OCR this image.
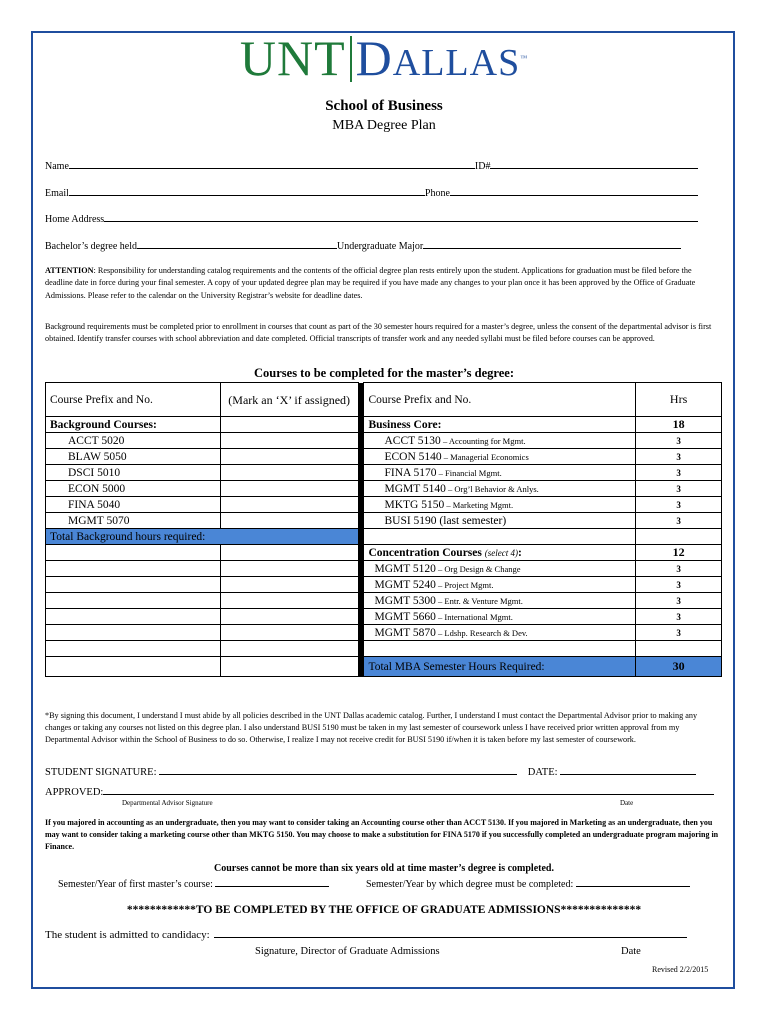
UNT DALLAS™
School of Business
MBA Degree Plan
Name	ID#
Email	Phone
Home Address
Bachelor’s degree held	Undergraduate Major
ATTENTION: Responsibility for understanding catalog requirements and the contents of the official degree plan rests entirely upon the student. Applications for graduation must be filed before the deadline date in force during your final semester. A copy of your updated degree plan may be required if you have made any changes to your plan once it has been approved by the Office of Graduate Admissions. Please refer to the calendar on the University Registrar’s website for deadline dates.
Background requirements must be completed prior to enrollment in courses that count as part of the 30 semester hours required for a master’s degree, unless the consent of the departmental advisor is first obtained. Identify transfer courses with school abbreviation and date completed. Official transcripts of transfer work and any needed syllabi must be filed before courses can be approved.
Courses to be completed for the master’s degree:
Course Prefix and No.	(Mark an ‘X’ if assigned)		Course Prefix and No.	Hrs
Background Courses:			Business Core:	18
ACCT 5020			ACCT 5130 – Accounting for Mgmt.	3
BLAW 5050			ECON 5140 – Managerial Economics	3
DSCI 5010			FINA 5170 – Financial Mgmt.	3
ECON 5000			MGMT 5140 – Org’l Behavior & Anlys.	3
FINA 5040			MKTG 5150 – Marketing Mgmt.	3
MGMT 5070			BUSI 5190 (last semester)	3
Total Background hours required:				
			Concentration Courses (select 4):	12
			MGMT 5120 – Org Design & Change	3
			MGMT 5240 – Project Mgmt.	3
			MGMT 5300 – Entr. & Venture Mgmt.	3
			MGMT 5660 – International Mgmt.	3
			MGMT 5870 – Ldshp. Research & Dev.	3

			Total MBA Semester Hours Required:	30
*By signing this document, I understand I must abide by all policies described in the UNT Dallas academic catalog. Further, I understand I must contact the Departmental Advisor prior to making any changes or taking any courses not listed on this degree plan. I also understand BUSI 5190 must be taken in my last semester of coursework unless I have received prior written approval from my Departmental Advisor within the School of Business to do so. Otherwise, I realize I may not receive credit for BUSI 5190 if/when it is taken before my last semester of coursework.
STUDENT SIGNATURE:	DATE:
APPROVED:
Departmental Advisor Signature	Date
If you majored in accounting as an undergraduate, then you may want to consider taking an Accounting course other than ACCT 5130. If you majored in Marketing as an undergraduate, then you may want to consider taking a marketing course other than MKTG 5150. You may choose to make a substitution for FINA 5170 if you successfully completed an undergraduate program majoring in Finance.
Courses cannot be more than six years old at time master’s degree is completed.
Semester/Year of first master’s course:	Semester/Year by which degree must be completed:
************TO BE COMPLETED BY THE OFFICE OF GRADUATE ADMISSIONS**************
The student is admitted to candidacy:
Signature, Director of Graduate Admissions	Date
Revised 2/2/2015
